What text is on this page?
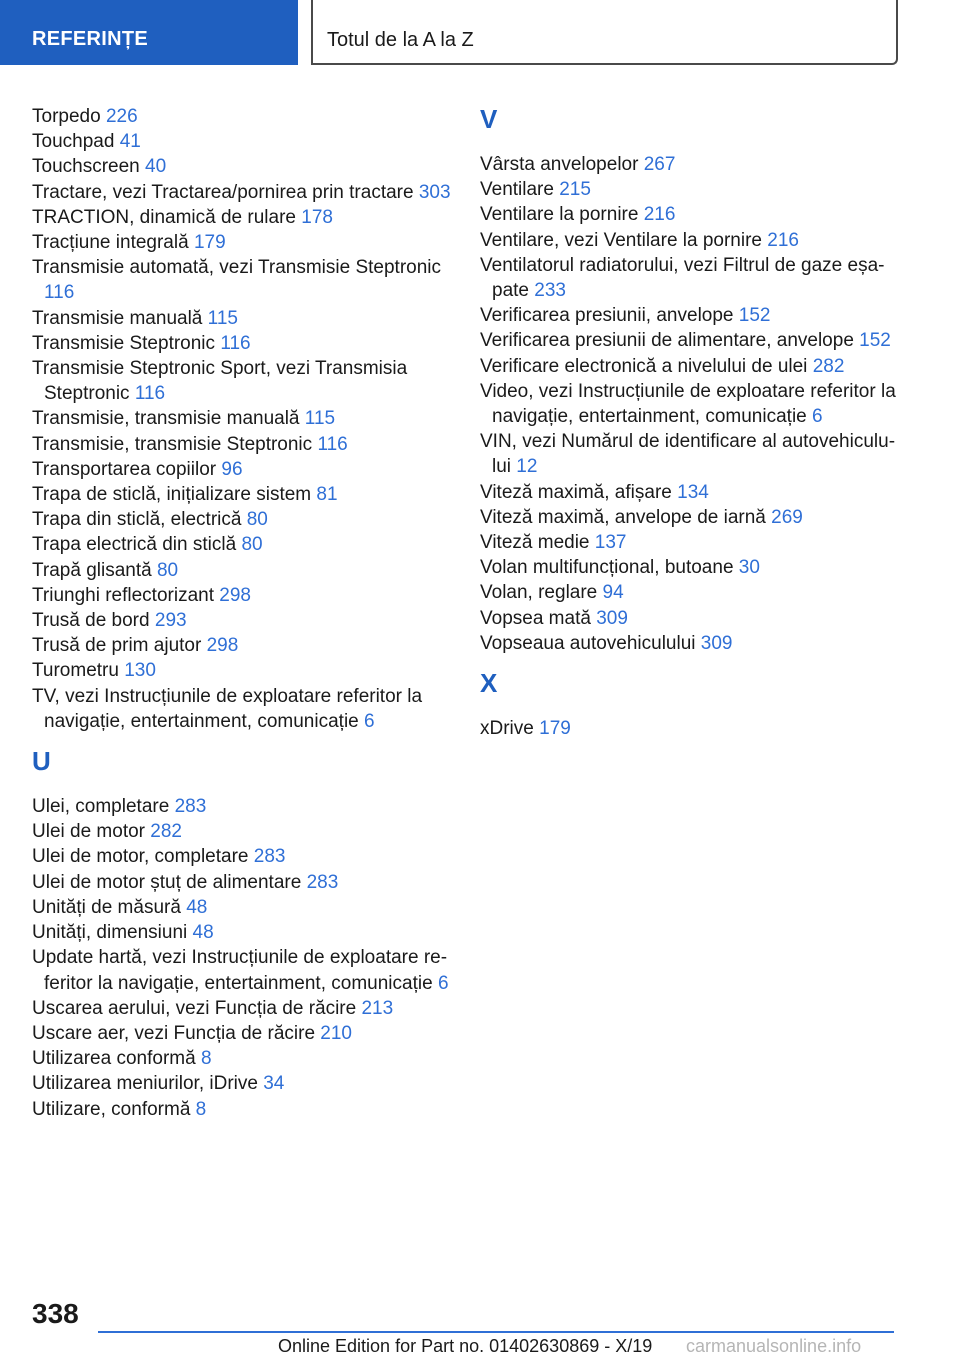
REFERINȚE	Totul de la A la Z
Torpedo 226
Touchpad 41
Touchscreen 40
Tractare, vezi Tractarea/pornirea prin tractare 303
TRACTION, dinamică de rulare 178
Tracțiune integrală 179
Transmisie automată, vezi Transmisie Steptronic 116
Transmisie manuală 115
Transmisie Steptronic 116
Transmisie Steptronic Sport, vezi Transmisia Steptronic 116
Transmisie, transmisie manuală 115
Transmisie, transmisie Steptronic 116
Transportarea copiilor 96
Trapa de sticlă, inițializare sistem 81
Trapa din sticlă, electrică 80
Trapa electrică din sticlă 80
Trapă glisantă 80
Triunghi reflectorizant 298
Trusă de bord 293
Trusă de prim ajutor 298
Turometru 130
TV, vezi Instrucțiunile de exploatare referitor la navigație, entertainment, comunicație 6
U
Ulei, completare 283
Ulei de motor 282
Ulei de motor, completare 283
Ulei de motor ștuț de alimentare 283
Unități de măsură 48
Unități, dimensiuni 48
Update hartă, vezi Instrucțiunile de exploatare referitor la navigație, entertainment, comunicație 6
Uscarea aerului, vezi Funcția de răcire 213
Uscare aer, vezi Funcția de răcire 210
Utilizarea conformă 8
Utilizarea meniurilor, iDrive 34
Utilizare, conformă 8
V
Vârsta anvelopelor 267
Ventilare 215
Ventilare la pornire 216
Ventilare, vezi Ventilare la pornire 216
Ventilatorul radiatorului, vezi Filtrul de gaze eșapate 233
Verificarea presiunii, anvelope 152
Verificarea presiunii de alimentare, anvelope 152
Verificare electronică a nivelului de ulei 282
Video, vezi Instrucțiunile de exploatare referitor la navigație, entertainment, comunicație 6
VIN, vezi Numărul de identificare al autovehiculului 12
Viteză maximă, afișare 134
Viteză maximă, anvelope de iarnă 269
Viteză medie 137
Volan multifuncțional, butoane 30
Volan, reglare 94
Vopsea mată 309
Vopseaua autovehiculului 309
X
xDrive 179
338
Online Edition for Part no. 01402630869 - X/19 carmanualsonline.info
